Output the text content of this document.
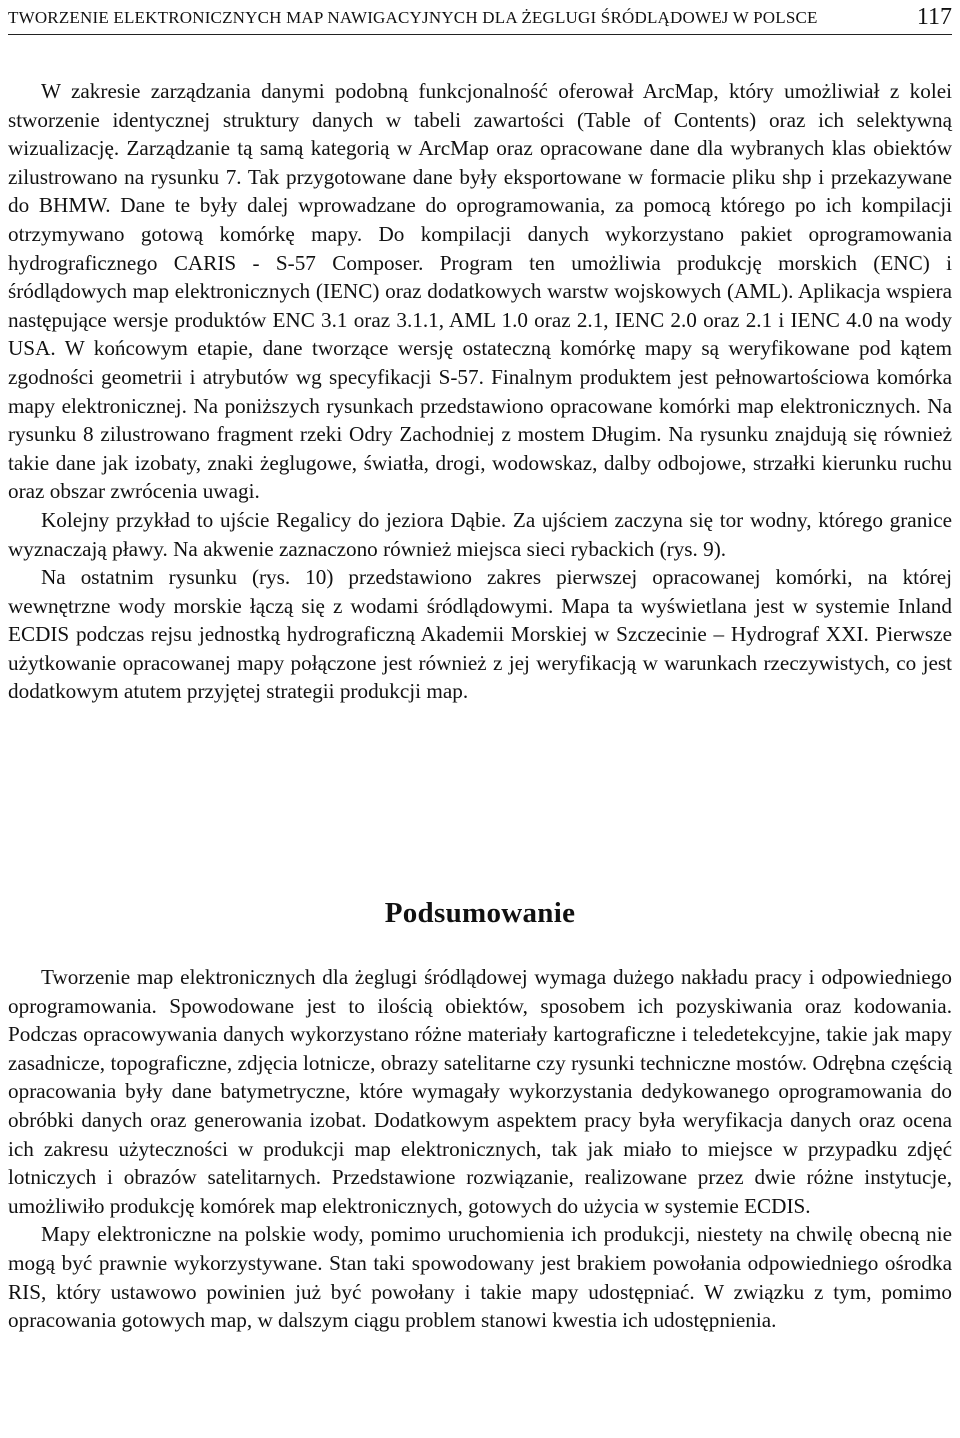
TWORZENIE ELEKTRONICZNYCH MAP NAWIGACYJNYCH DLA ŻEGLUGI ŚRÓDLĄDOWEJ W POLSCE	117

W zakresie zarządzania danymi podobną funkcjonalność oferował ArcMap, który umożliwiał z kolei stworzenie identycznej struktury danych w tabeli zawartości (Table of Contents) oraz ich selektywną wizualizację. Zarządzanie tą samą kategorią w ArcMap oraz opracowane dane dla wybranych klas obiektów zilustrowano na rysunku 7. Tak przygotowane dane były eksportowane w formacie pliku shp i przekazywane do BHMW. Dane te były dalej wprowadzane do oprogramowania, za pomocą którego po ich kompilacji otrzymywano gotową komórkę mapy. Do kompilacji danych wykorzystano pakiet oprogramowania hydrograficznego CARIS - S-57 Composer. Program ten umożliwia produkcję morskich (ENC) i śródlądowych map elektronicznych (IENC) oraz dodatkowych warstw wojskowych (AML). Aplikacja wspiera następujące wersje produktów ENC 3.1 oraz 3.1.1, AML 1.0 oraz 2.1, IENC 2.0 oraz 2.1 i IENC 4.0 na wody USA. W końcowym etapie, dane tworzące wersję ostateczną komórkę mapy są weryfikowane pod kątem zgodności geometrii i atrybutów wg specyfikacji S-57. Finalnym produktem jest pełnowartościowa komórka mapy elektronicznej. Na poniższych rysunkach przedstawiono opracowane komórki map elektronicznych. Na rysunku 8 zilustrowano fragment rzeki Odry Zachodniej z mostem Długim. Na rysunku znajdują się również takie dane jak izobaty, znaki żeglugowe, światła, drogi, wodowskaz, dalby odbojowe, strzałki kierunku ruchu oraz obszar zwrócenia uwagi.

Kolejny przykład to ujście Regalicy do jeziora Dąbie. Za ujściem zaczyna się tor wodny, którego granice wyznaczają pławy. Na akwenie zaznaczono również miejsca sieci rybackich (rys. 9).

Na ostatnim rysunku (rys. 10) przedstawiono zakres pierwszej opracowanej komórki, na której wewnętrzne wody morskie łączą się z wodami śródlądowymi. Mapa ta wyświetlana jest w systemie Inland ECDIS podczas rejsu jednostką hydrograficzną Akademii Morskiej w Szczecinie – Hydrograf XXI. Pierwsze użytkowanie opracowanej mapy połączone jest również z jej weryfikacją w warunkach rzeczywistych, co jest dodatkowym atutem przyjętej strategii produkcji map.

Podsumowanie

Tworzenie map elektronicznych dla żeglugi śródlądowej wymaga dużego nakładu pracy i odpowiedniego oprogramowania. Spowodowane jest to ilością obiektów, sposobem ich pozyskiwania oraz kodowania. Podczas opracowywania danych wykorzystano różne materiały kartograficzne i teledetekcyjne, takie jak mapy zasadnicze, topograficzne, zdjęcia lotnicze, obrazy satelitarne czy rysunki techniczne mostów. Odrębna częścią opracowania były dane batymetryczne, które wymagały wykorzystania dedykowanego oprogramowania do obróbki danych oraz generowania izobat. Dodatkowym aspektem pracy była weryfikacja danych oraz ocena ich zakresu użyteczności w produkcji map elektronicznych, tak jak miało to miejsce w przypadku zdjęć lotniczych i obrazów satelitarnych. Przedstawione rozwiązanie, realizowane przez dwie różne instytucje, umożliwiło produkcję komórek map elektronicznych, gotowych do użycia w systemie ECDIS.

Mapy elektroniczne na polskie wody, pomimo uruchomienia ich produkcji, niestety na chwilę obecną nie mogą być prawnie wykorzystywane. Stan taki spowodowany jest brakiem powołania odpowiedniego ośrodka RIS, który ustawowo powinien już być powołany i takie mapy udostępniać. W związku z tym, pomimo opracowania gotowych map, w dalszym ciągu problem stanowi kwestia ich udostępnienia.
